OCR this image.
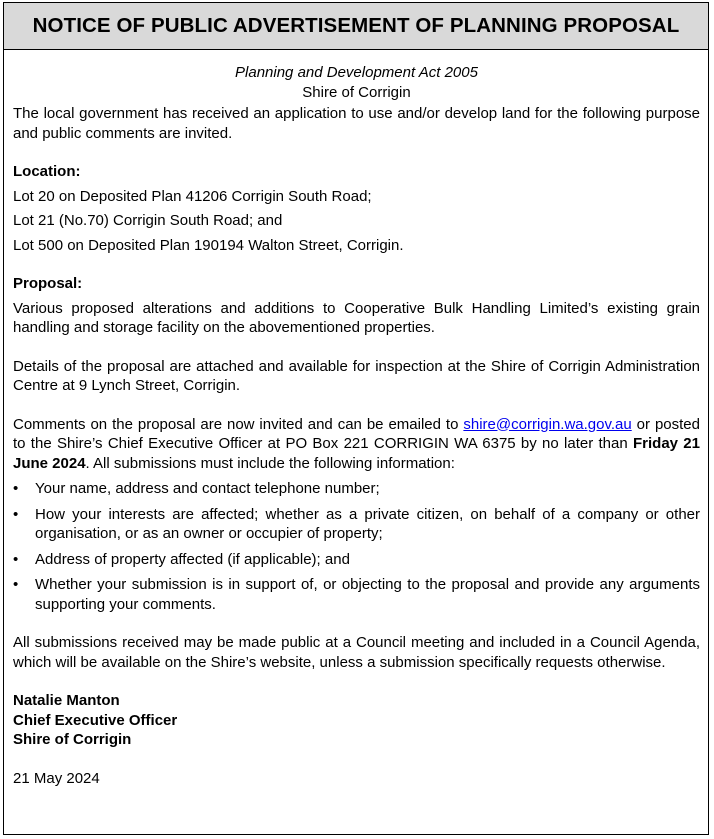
NOTICE OF PUBLIC ADVERTISEMENT OF PLANNING PROPOSAL

Planning and Development Act 2005

Shire of Corrigin

The local government has received an application to use and/or develop land for the following purpose and public comments are invited.

Location:

Lot 20 on Deposited Plan 41206 Corrigin South Road;

Lot 21 (No.70) Corrigin South Road; and

Lot 500 on Deposited Plan 190194 Walton Street, Corrigin.

Proposal:

Various proposed alterations and additions to Cooperative Bulk Handling Limited’s existing grain handling and storage facility on the abovementioned properties.

Details of the proposal are attached and available for inspection at the Shire of Corrigin Administration Centre at 9 Lynch Street, Corrigin.

Comments on the proposal are now invited and can be emailed to shire@corrigin.wa.gov.au or posted to the Shire’s Chief Executive Officer at PO Box 221 CORRIGIN WA 6375 by no later than Friday 21 June 2024. All submissions must include the following information:

• Your name, address and contact telephone number;
• How your interests are affected; whether as a private citizen, on behalf of a company or other organisation, or as an owner or occupier of property;
• Address of property affected (if applicable); and
• Whether your submission is in support of, or objecting to the proposal and provide any arguments supporting your comments.

All submissions received may be made public at a Council meeting and included in a Council Agenda, which will be available on the Shire’s website, unless a submission specifically requests otherwise.

Natalie Manton

Chief Executive Officer

Shire of Corrigin

21 May 2024
